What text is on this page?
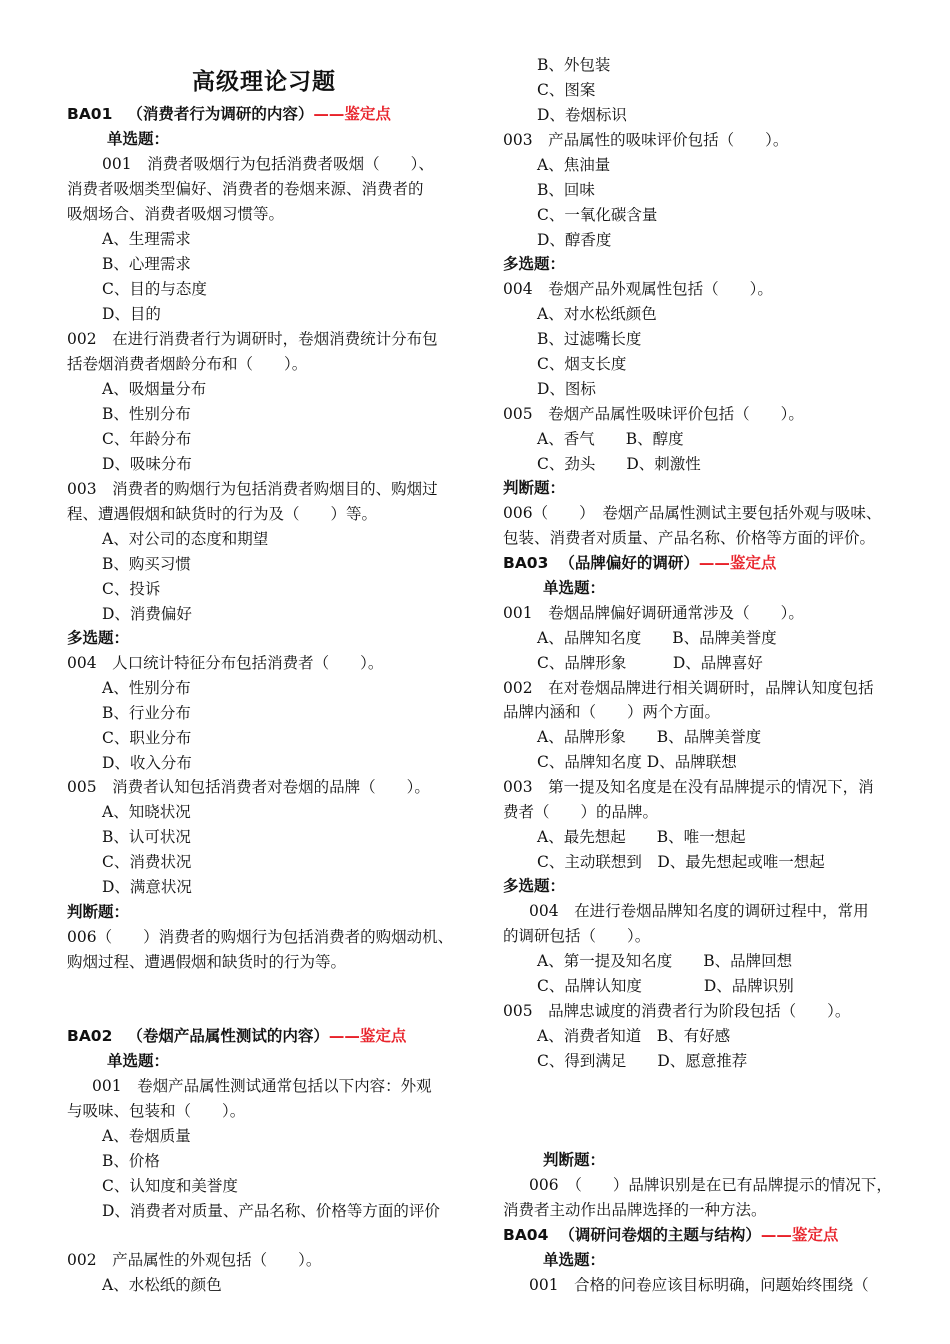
高级理论习题
BA01 （消费者行为调研的内容）——鉴定点
单选题：
001　消费者吸烟行为包括消费者吸烟（　　）、
消费者吸烟类型偏好、消费者的卷烟来源、消费者的
吸烟场合、消费者吸烟习惯等。
A、生理需求
B、心理需求
C、目的与态度
D、目的
002　在进行消费者行为调研时，卷烟消费统计分布包
括卷烟消费者烟龄分布和（　　）。
A、吸烟量分布
B、性别分布
C、年龄分布
D、吸味分布
003　消费者的购烟行为包括消费者购烟目的、购烟过
程、遭遇假烟和缺货时的行为及（　　）等。
A、对公司的态度和期望
B、购买习惯
C、投诉
D、消费偏好
多选题：
004　人口统计特征分布包括消费者（　　）。
A、性别分布
B、行业分布
C、职业分布
D、收入分布
005　消费者认知包括消费者对卷烟的品牌（　　）。
A、知晓状况
B、认可状况
C、消费状况
D、满意状况
判断题：
006（　　）消费者的购烟行为包括消费者的购烟动机、
购烟过程、遭遇假烟和缺货时的行为等。
BA02 （卷烟产品属性测试的内容）——鉴定点
单选题：
001　卷烟产品属性测试通常包括以下内容：外观
与吸味、包装和（　　）。
A、卷烟质量
B、价格
C、认知度和美誉度
D、消费者对质量、产品名称、价格等方面的评价
002　产品属性的外观包括（　　）。
A、水松纸的颜色
B、外包装
C、图案
D、卷烟标识
003　产品属性的吸味评价包括（　　）。
A、焦油量
B、回味
C、一氧化碳含量
D、醇香度
多选题：
004　卷烟产品外观属性包括（　　）。
A、对水松纸颜色
B、过滤嘴长度
C、烟支长度
D、图标
005　卷烟产品属性吸味评价包括（　　）。
A、香气　　B、醇度
C、劲头　　D、刺激性
判断题：
006（　　）　卷烟产品属性测试主要包括外观与吸味、
包装、消费者对质量、产品名称、价格等方面的评价。
BA03 （品牌偏好的调研）——鉴定点
单选题：
001　卷烟品牌偏好调研通常涉及（　　）。
A、品牌知名度　　B、品牌美誉度
C、品牌形象　　　D、品牌喜好
002　在对卷烟品牌进行相关调研时，品牌认知度包括
品牌内涵和（　　）两个方面。
A、品牌形象　　B、品牌美誉度
C、品牌知名度 D、品牌联想
003　第一提及知名度是在没有品牌提示的情况下，消
费者（　　）的品牌。
A、最先想起　　B、唯一想起
C、主动联想到　D、最先想起或唯一想起
多选题：
004　在进行卷烟品牌知名度的调研过程中，常用
的调研包括（　　）。
A、第一提及知名度　　B、品牌回想
C、品牌认知度　　　　D、品牌识别
005　品牌忠诚度的消费者行为阶段包括（　　）。
A、消费者知道　B、有好感
C、得到满足　　D、愿意推荐
判断题：
006　（　　）品牌识别是在已有品牌提示的情况下，
消费者主动作出品牌选择的一种方法。
BA04 （调研问卷烟的主题与结构）——鉴定点
单选题：
001　合格的问卷应该目标明确，问题始终围绕（
